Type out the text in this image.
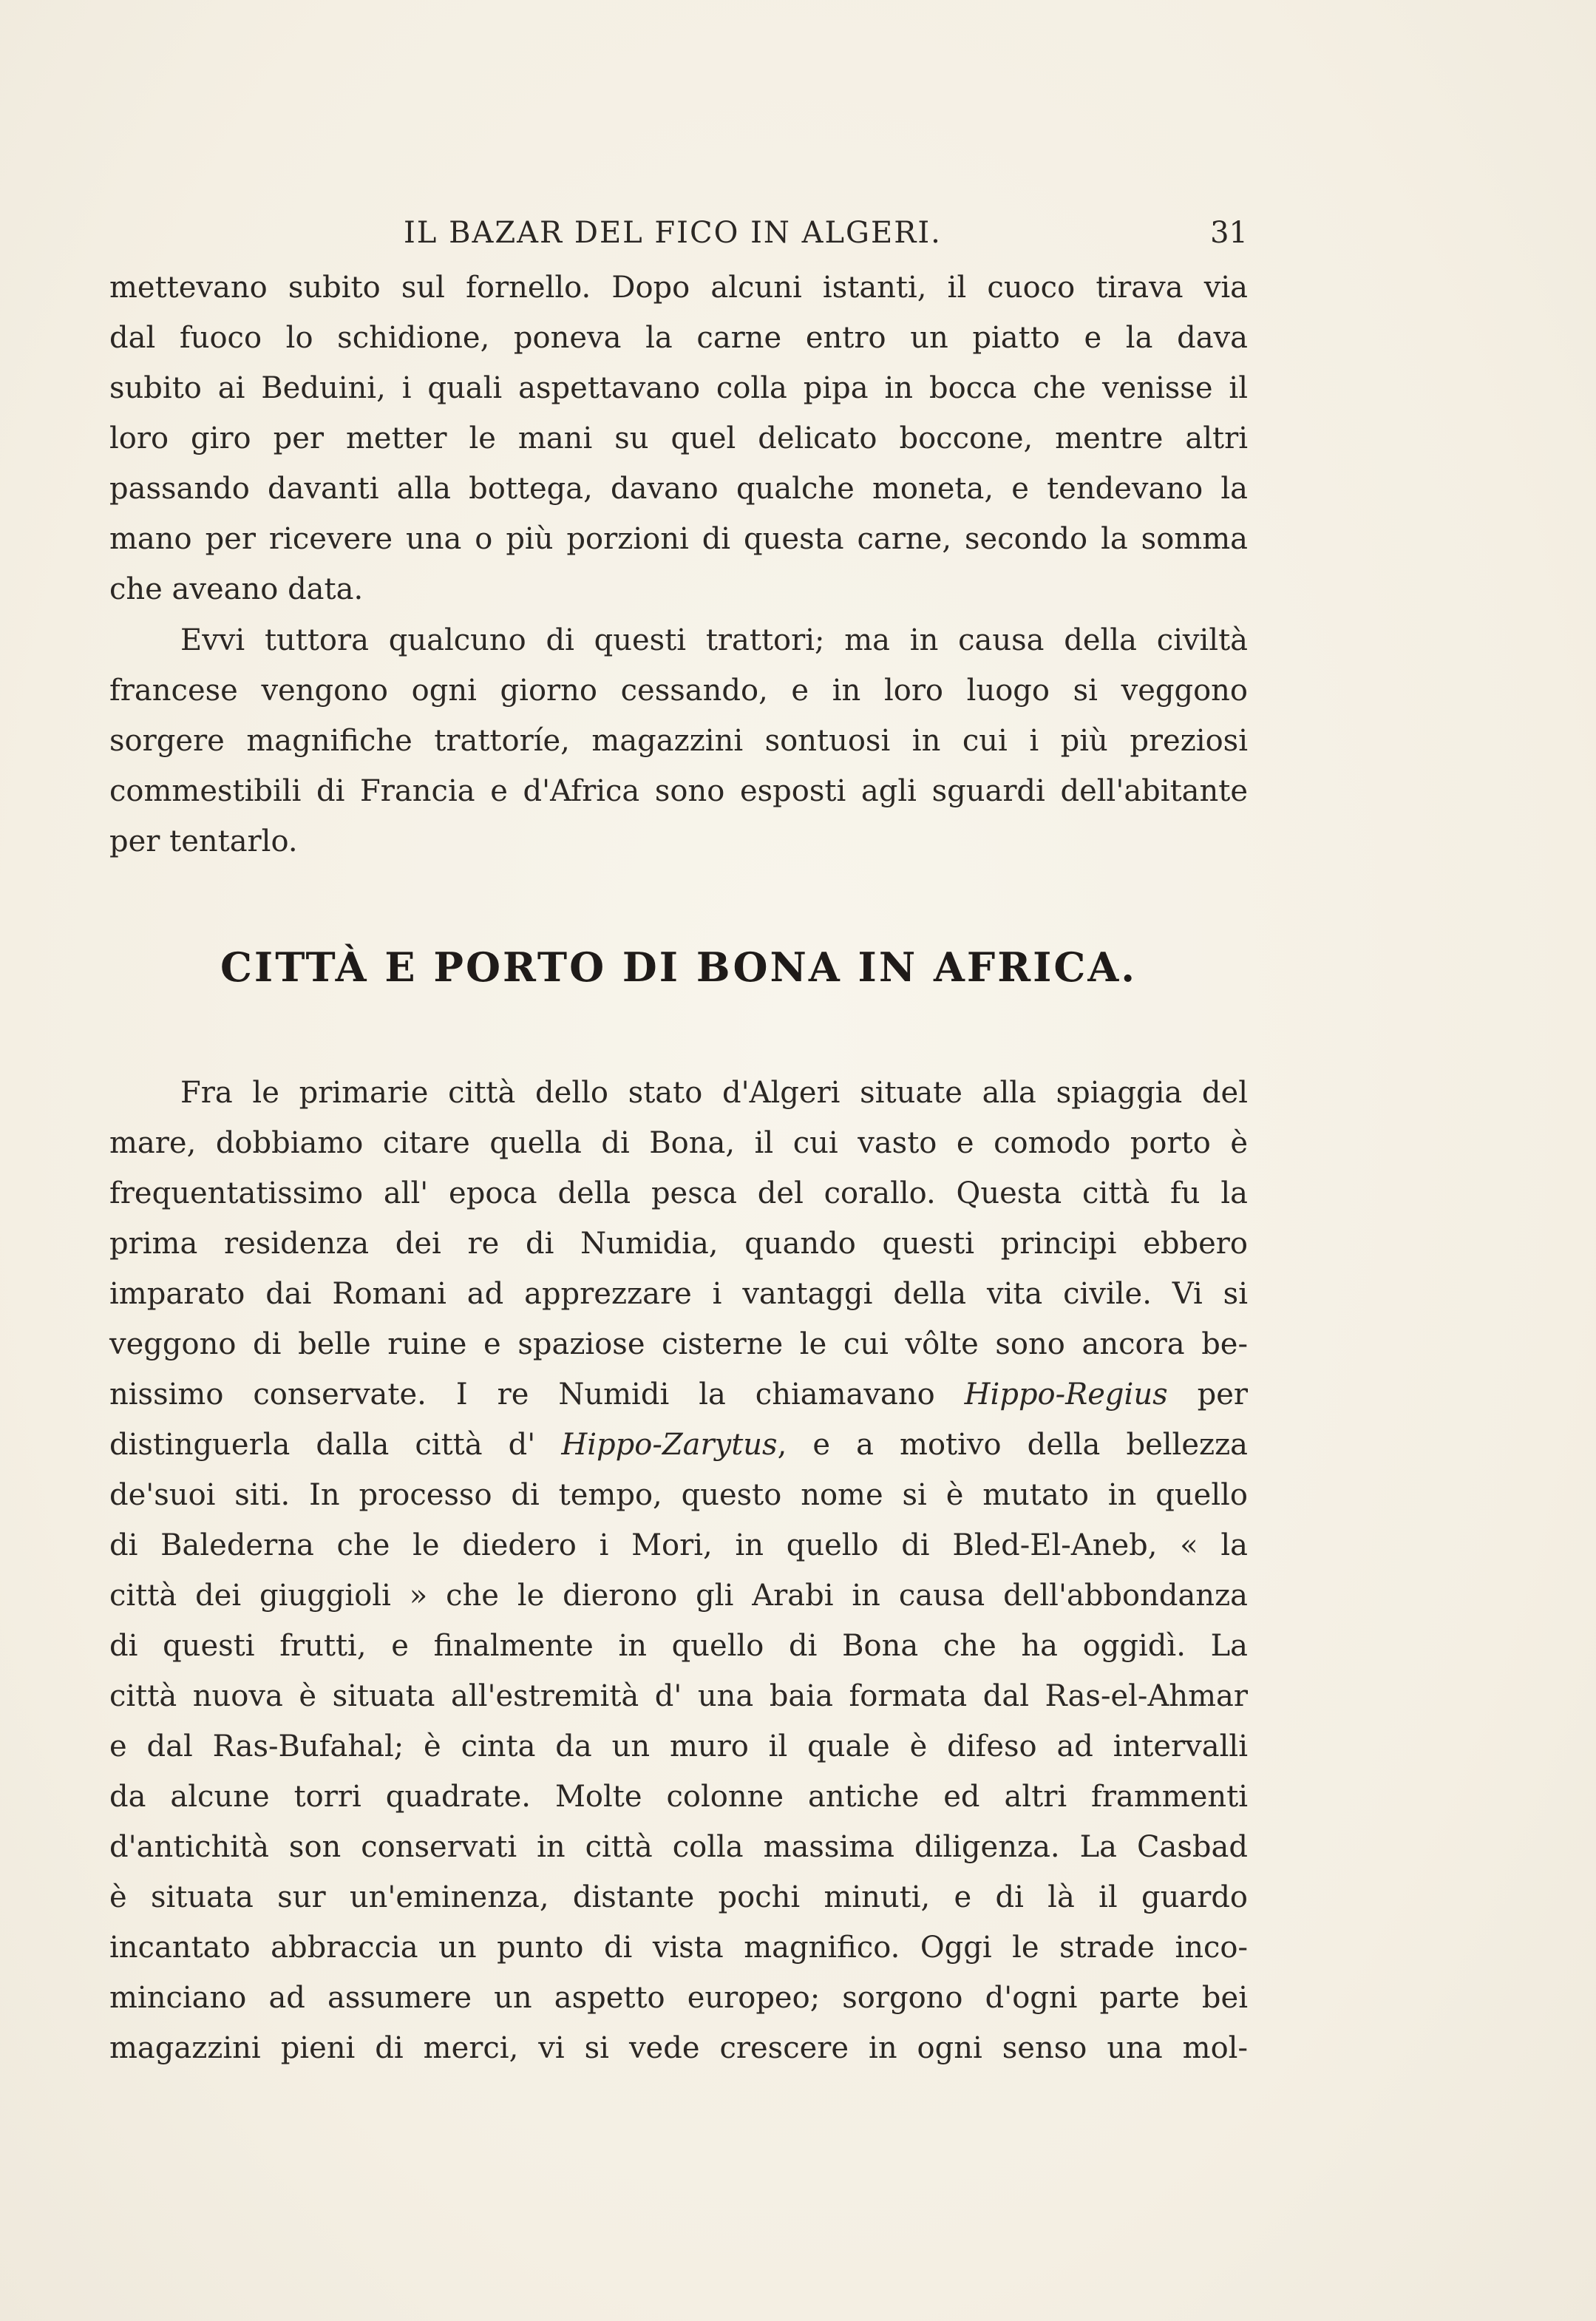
IL BAZAR DEL FICO IN ALGERI.	31
mettevano subito sul fornello. Dopo alcuni istanti, il cuoco tirava via
dal fuoco lo schidione, poneva la carne entro un piatto e la dava
subito ai Beduini, i quali aspettavano colla pipa in bocca che venisse il
loro giro per metter le mani su quel delicato boccone, mentre altri
passando davanti alla bottega, davano qualche moneta, e tendevano la
mano per ricevere una o più porzioni di questa carne, secondo la somma
che aveano data.
Evvi tuttora qualcuno di questi trattori; ma in causa della civiltà
francese vengono ogni giorno cessando, e in loro luogo si veggono
sorgere magnifiche trattoríe, magazzini sontuosi in cui i più preziosi
commestibili di Francia e d'Africa sono esposti agli sguardi dell'abitante
per tentarlo.
CITTÀ E PORTO DI BONA IN AFRICA.
Fra le primarie città dello stato d'Algeri situate alla spiaggia del
mare, dobbiamo citare quella di Bona, il cui vasto e comodo porto è
frequentatissimo all' epoca della pesca del corallo. Questa città fu la
prima residenza dei re di Numidia, quando questi principi ebbero
imparato dai Romani ad apprezzare i vantaggi della vita civile. Vi si
veggono di belle ruine e spaziose cisterne le cui vôlte sono ancora be-
nissimo conservate. I re Numidi la chiamavano Hippo-Regius per
distinguerla dalla città d' Hippo-Zarytus, e a motivo della bellezza
de'suoi siti. In processo di tempo, questo nome si è mutato in quello
di Balederna che le diedero i Mori, in quello di Bled-El-Aneb, « la
città dei giuggioli » che le dierono gli Arabi in causa dell'abbondanza
di questi frutti, e finalmente in quello di Bona che ha oggidì. La
città nuova è situata all'estremità d' una baia formata dal Ras-el-Ahmar
e dal Ras-Bufahal; è cinta da un muro il quale è difeso ad intervalli
da alcune torri quadrate. Molte colonne antiche ed altri frammenti
d'antichità son conservati in città colla massima diligenza. La Casbad
è situata sur un'eminenza, distante pochi minuti, e di là il guardo
incantato abbraccia un punto di vista magnifico. Oggi le strade inco-
minciano ad assumere un aspetto europeo; sorgono d'ogni parte bei
magazzini pieni di merci, vi si vede crescere in ogni senso una mol-
